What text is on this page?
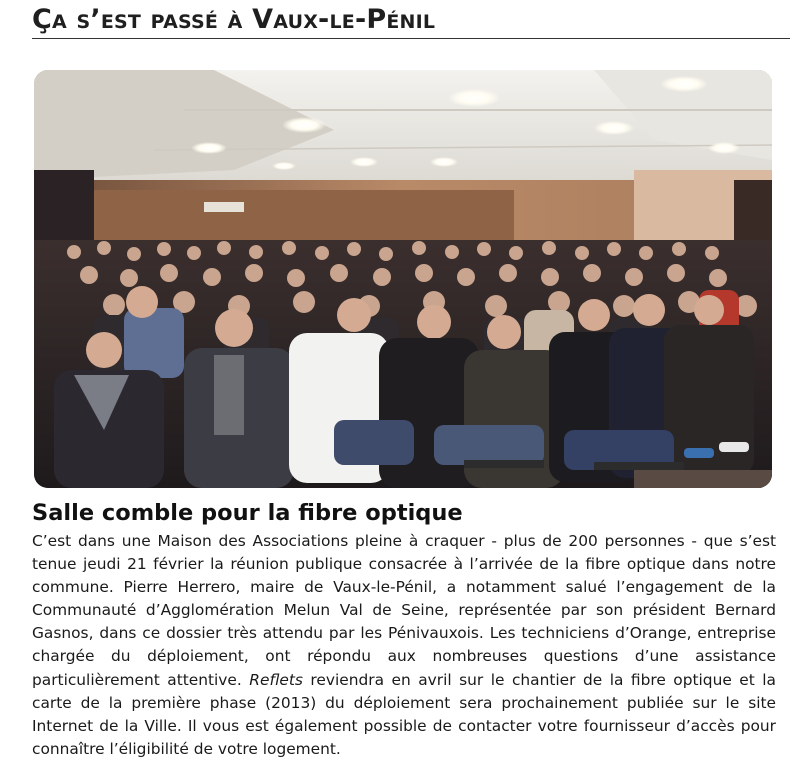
Ça s’est passé à Vaux-le-Pénil
Salle comble pour la fibre optique

C’est dans une Maison des Associations pleine à craquer - plus de 200 personnes - que s’est tenue jeudi 21 février la réunion publique consacrée à l’arrivée de la fibre optique dans notre commune. Pierre Herrero, maire de Vaux-le-Pénil, a notamment salué l’engagement de la Communauté d’Agglomération Melun Val de Seine, représentée par son président Bernard Gasnos, dans ce dossier très attendu par les Pénivauxois. Les techniciens d’Orange, entreprise chargée du déploiement, ont répondu aux nombreuses questions d’une assistance particulièrement attentive. Reflets reviendra en avril sur le chantier de la fibre optique et la carte de la première phase (2013) du déploiement sera prochainement publiée sur le site Internet de la Ville. Il vous est également possible de contacter votre fournisseur d’accès pour connaître l’éligibilité de votre logement.
